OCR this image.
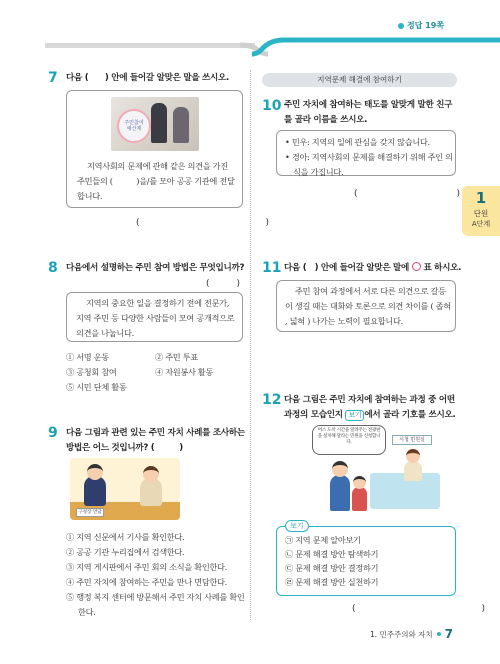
정답 19쪽
1
단원
A단계
7 다음 (　　) 안에 들어갈 알맞은 말을 쓰시오.
주민참여 예산제
지역사회의 문제에 관해 같은 의견을 가진 주민들의 (　　　)을/를 모아 공공 기관에 전달합니다.
(　　　　　　　　　　　　　　)
8 다음에서 설명하는 주민 참여 방법은 무엇입니까?
(　　　)
지역의 중요한 일을 결정하기 전에 전문가, 지역 주민 등 다양한 사람들이 모여 공개적으로 의견을 나눕니다.
① 서명 운동	② 주민 투표
③ 공청회 참여	④ 자원봉사 활동
⑤ 시민 단체 활동
9 다음 그림과 관련 있는 주민 자치 사례를 조사하는 방법은 어느 것입니까? (　　　)
구청장 면담
① 지역 신문에서 기사를 확인한다.
② 공공 기관 누리집에서 검색한다.
③ 지역 게시판에서 주민 회의 소식을 확인한다.
④ 주민 자치에 참여하는 주민을 만나 면담한다.
⑤ 행정 복지 센터에 방문해서 주민 자치 사례를 확인한다.
지역문제 해결에 참여하기
10 주민 자치에 참여하는 태도를 알맞게 말한 친구를 골라 이름을 쓰시오.
• 민우: 지역의 일에 관심을 갖지 않습니다.
• 경아: 지역사회의 문제를 해결하기 위해 주인 의식을 가집니다.
(　　　　　　　　　　　)
11 다음 (　) 안에 들어갈 알맞은 말에 표 하시오.
주민 참여 과정에서 서로 다른 의견으로 갈등이 생길 때는 대화와 토론으로 의견 차이를 ( 좁혀 , 넓혀 ) 나가는 노력이 필요합니다.
12 다음 그림은 주민 자치에 참여하는 과정 중 어떤 과정의 모습인지 보기 에서 골라 기호를 쓰시오.
버스 도착 시간을 알려주는 전광판을 설치해 달라는 민원을 신청합니다.	시청 민원실
보기
㉠ 지역 문제 알아보기
㉡ 문제 해결 방안 탐색하기
㉢ 문제 해결 방안 결정하기
㉣ 문제 해결 방안 실천하기
(　　　　　　　　　　　　　　)
1. 민주주의와 자치 7
